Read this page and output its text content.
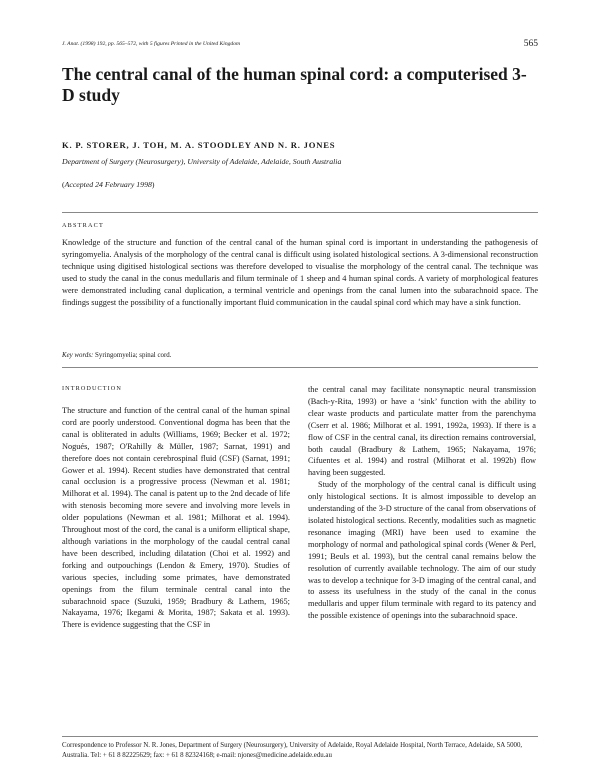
J. Anat. (1998) 192, pp. 565–572, with 5 figures Printed in the United Kingdom	565
The central canal of the human spinal cord: a computerised 3-D study
K. P. STORER, J. TOH, M. A. STOODLEY AND N. R. JONES
Department of Surgery (Neurosurgery), University of Adelaide, Adelaide, South Australia
(Accepted 24 February 1998)
ABSTRACT

Knowledge of the structure and function of the central canal of the human spinal cord is important in understanding the pathogenesis of syringomyelia. Analysis of the morphology of the central canal is difficult using isolated histological sections. A 3-dimensional reconstruction technique using digitised histological sections was therefore developed to visualise the morphology of the central canal. The technique was used to study the canal in the conus medullaris and filum terminale of 1 sheep and 4 human spinal cords. A variety of morphological features were demonstrated including canal duplication, a terminal ventricle and openings from the canal lumen into the subarachnoid space. The findings suggest the possibility of a functionally important fluid communication in the caudal spinal cord which may have a sink function.

Key words: Syringomyelia; spinal cord.
INTRODUCTION

The structure and function of the central canal of the human spinal cord are poorly understood. Conventional dogma has been that the canal is obliterated in adults (Williams, 1969; Becker et al. 1972; Nogués, 1987; O'Rahilly & Müller, 1987; Sarnat, 1991) and therefore does not contain cerebrospinal fluid (CSF) (Sarnat, 1991; Gower et al. 1994). Recent studies have demonstrated that central canal occlusion is a progressive process (Newman et al. 1981; Milhorat et al. 1994). The canal is patent up to the 2nd decade of life with stenosis becoming more severe and involving more levels in older populations (Newman et al. 1981; Milhorat et al. 1994). Throughout most of the cord, the canal is a uniform elliptical shape, although variations in the morphology of the caudal central canal have been described, including dilatation (Choi et al. 1992) and forking and outpouchings (Lendon & Emery, 1970). Studies of various species, including some primates, have demonstrated openings from the filum terminale central canal into the subarachnoid space (Suzuki, 1959; Bradbury & Lathem, 1965; Nakayama, 1976; Ikegami & Morita, 1987; Sakata et al. 1993). There is evidence suggesting that the CSF in

the central canal may facilitate nonsynaptic neural transmission (Bach-y-Rita, 1993) or have a ‘sink’ function with the ability to clear waste products and particulate matter from the parenchyma (Cserr et al. 1986; Milhorat et al. 1991, 1992a, 1993). If there is a flow of CSF in the central canal, its direction remains controversial, both caudal (Bradbury & Lathem, 1965; Nakayama, 1976; Cifuentes et al. 1994) and rostral (Milhorat et al. 1992b) flow having been suggested.

Study of the morphology of the central canal is difficult using only histological sections. It is almost impossible to develop an understanding of the 3-D structure of the canal from observations of isolated histological sections. Recently, modalities such as magnetic resonance imaging (MRI) have been used to examine the morphology of normal and pathological spinal cords (Wener & Perl, 1991; Beuls et al. 1993), but the central canal remains below the resolution of currently available technology. The aim of our study was to develop a technique for 3-D imaging of the central canal, and to assess its usefulness in the study of the canal in the conus medullaris and upper filum terminale with regard to its patency and the possible existence of openings into the subarachnoid space.

Correspondence to Professor N. R. Jones, Department of Surgery (Neurosurgery), University of Adelaide, Royal Adelaide Hospital, North Terrace, Adelaide, SA 5000, Australia. Tel: + 61 8 82225629; fax: + 61 8 82324168; e-mail: njones@medicine.adelaide.edu.au
